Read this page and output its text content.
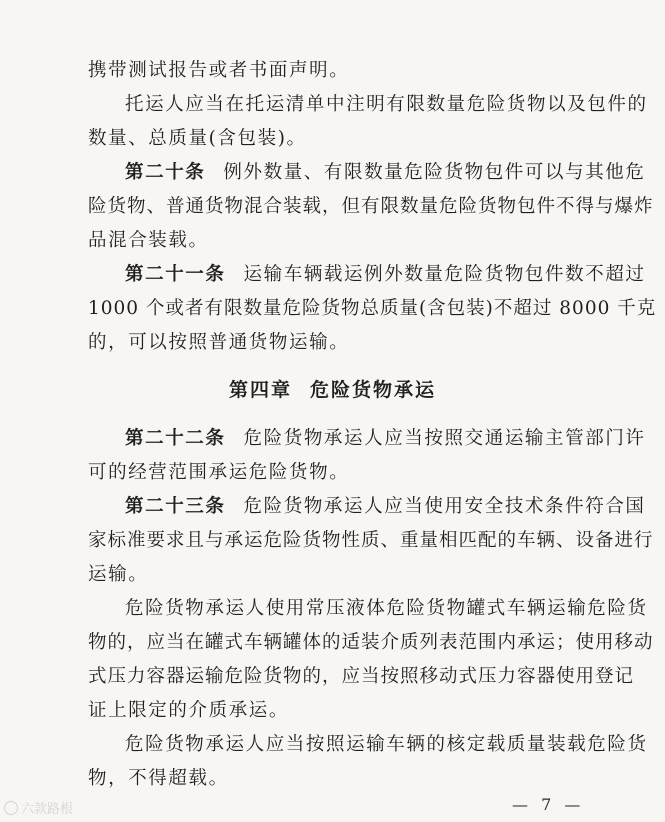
携带测试报告或者书面声明。
托运人应当在托运清单中注明有限数量危险货物以及包件的
数量、总质量(含包装)。
第二十条 例外数量、有限数量危险货物包件可以与其他危
险货物、普通货物混合装载，但有限数量危险货物包件不得与爆炸
品混合装载。
第二十一条 运输车辆载运例外数量危险货物包件数不超过
1000 个或者有限数量危险货物总质量(含包装)不超过 8000 千克
的，可以按照普通货物运输。
第四章 危险货物承运
第二十二条 危险货物承运人应当按照交通运输主管部门许
可的经营范围承运危险货物。
第二十三条 危险货物承运人应当使用安全技术条件符合国
家标准要求且与承运危险货物性质、重量相匹配的车辆、设备进行
运输。
危险货物承运人使用常压液体危险货物罐式车辆运输危险货
物的，应当在罐式车辆罐体的适装介质列表范围内承运；使用移动
式压力容器运输危险货物的，应当按照移动式压力容器使用登记
证上限定的介质承运。
危险货物承运人应当按照运输车辆的核定载质量装载危险货
物，不得超载。
— 7 —
六款路根
